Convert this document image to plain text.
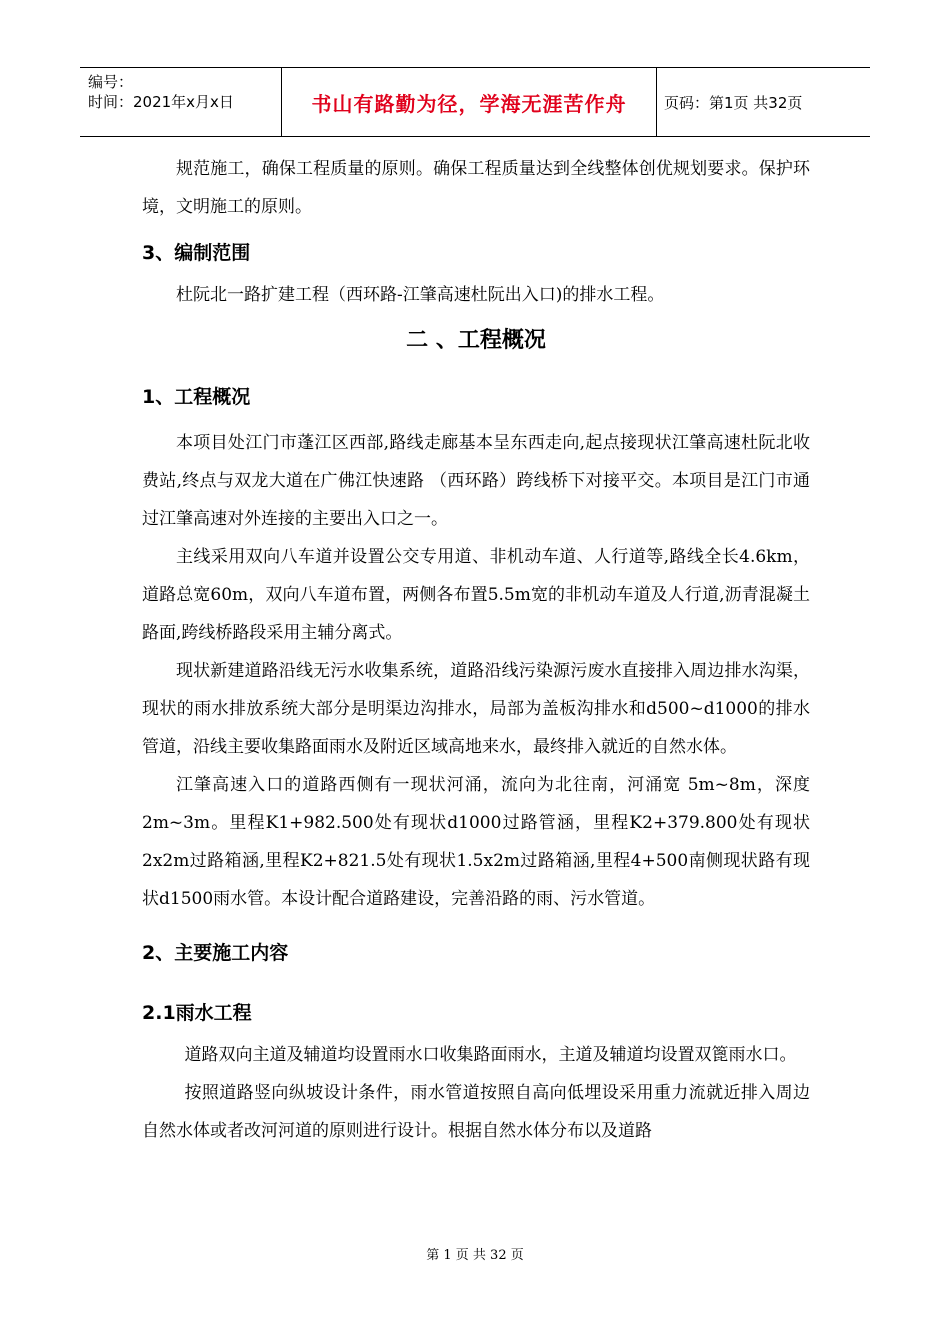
编号：
时间：2021年x月x日	书山有路勤为径，学海无涯苦作舟	页码：第1页 共32页

规范施工，确保工程质量的原则。确保工程质量达到全线整体创优规划要求。保护环境，文明施工的原则。

3、编制范围

杜阮北一路扩建工程（西环路-江肇高速杜阮出入口)的排水工程。

二 、工程概况
1、工程概况

本项目处江门市蓬江区西部,路线走廊基本呈东西走向,起点接现状江肇高速杜阮北收费站,终点与双龙大道在广佛江快速路 （西环路）跨线桥下对接平交。本项目是江门市通过江肇高速对外连接的主要出入口之一。

主线采用双向八车道并设置公交专用道、非机动车道、人行道等,路线全长4.6km，道路总宽60m，双向八车道布置，两侧各布置5.5m宽的非机动车道及人行道,沥青混凝土路面,跨线桥路段采用主辅分离式。

现状新建道路沿线无污水收集系统，道路沿线污染源污废水直接排入周边排水沟渠，现状的雨水排放系统大部分是明渠边沟排水，局部为盖板沟排水和d500~d1000的排水管道，沿线主要收集路面雨水及附近区域高地来水，最终排入就近的自然水体。

江肇高速入口的道路西侧有一现状河涌，流向为北往南，河涌宽 5m~8m，深度2m~3m。里程K1+982.500处有现状d1000过路管涵，里程K2+379.800处有现状2x2m过路箱涵,里程K2+821.5处有现状1.5x2m过路箱涵,里程4+500南侧现状路有现状d1500雨水管。本设计配合道路建设，完善沿路的雨、污水管道。

2、主要施工内容
2.1雨水工程

道路双向主道及辅道均设置雨水口收集路面雨水，主道及辅道均设置双篦雨水口。

按照道路竖向纵坡设计条件，雨水管道按照自高向低埋设采用重力流就近排入周边自然水体或者改河河道的原则进行设计。根据自然水体分布以及道路

第 1 页 共 32 页
